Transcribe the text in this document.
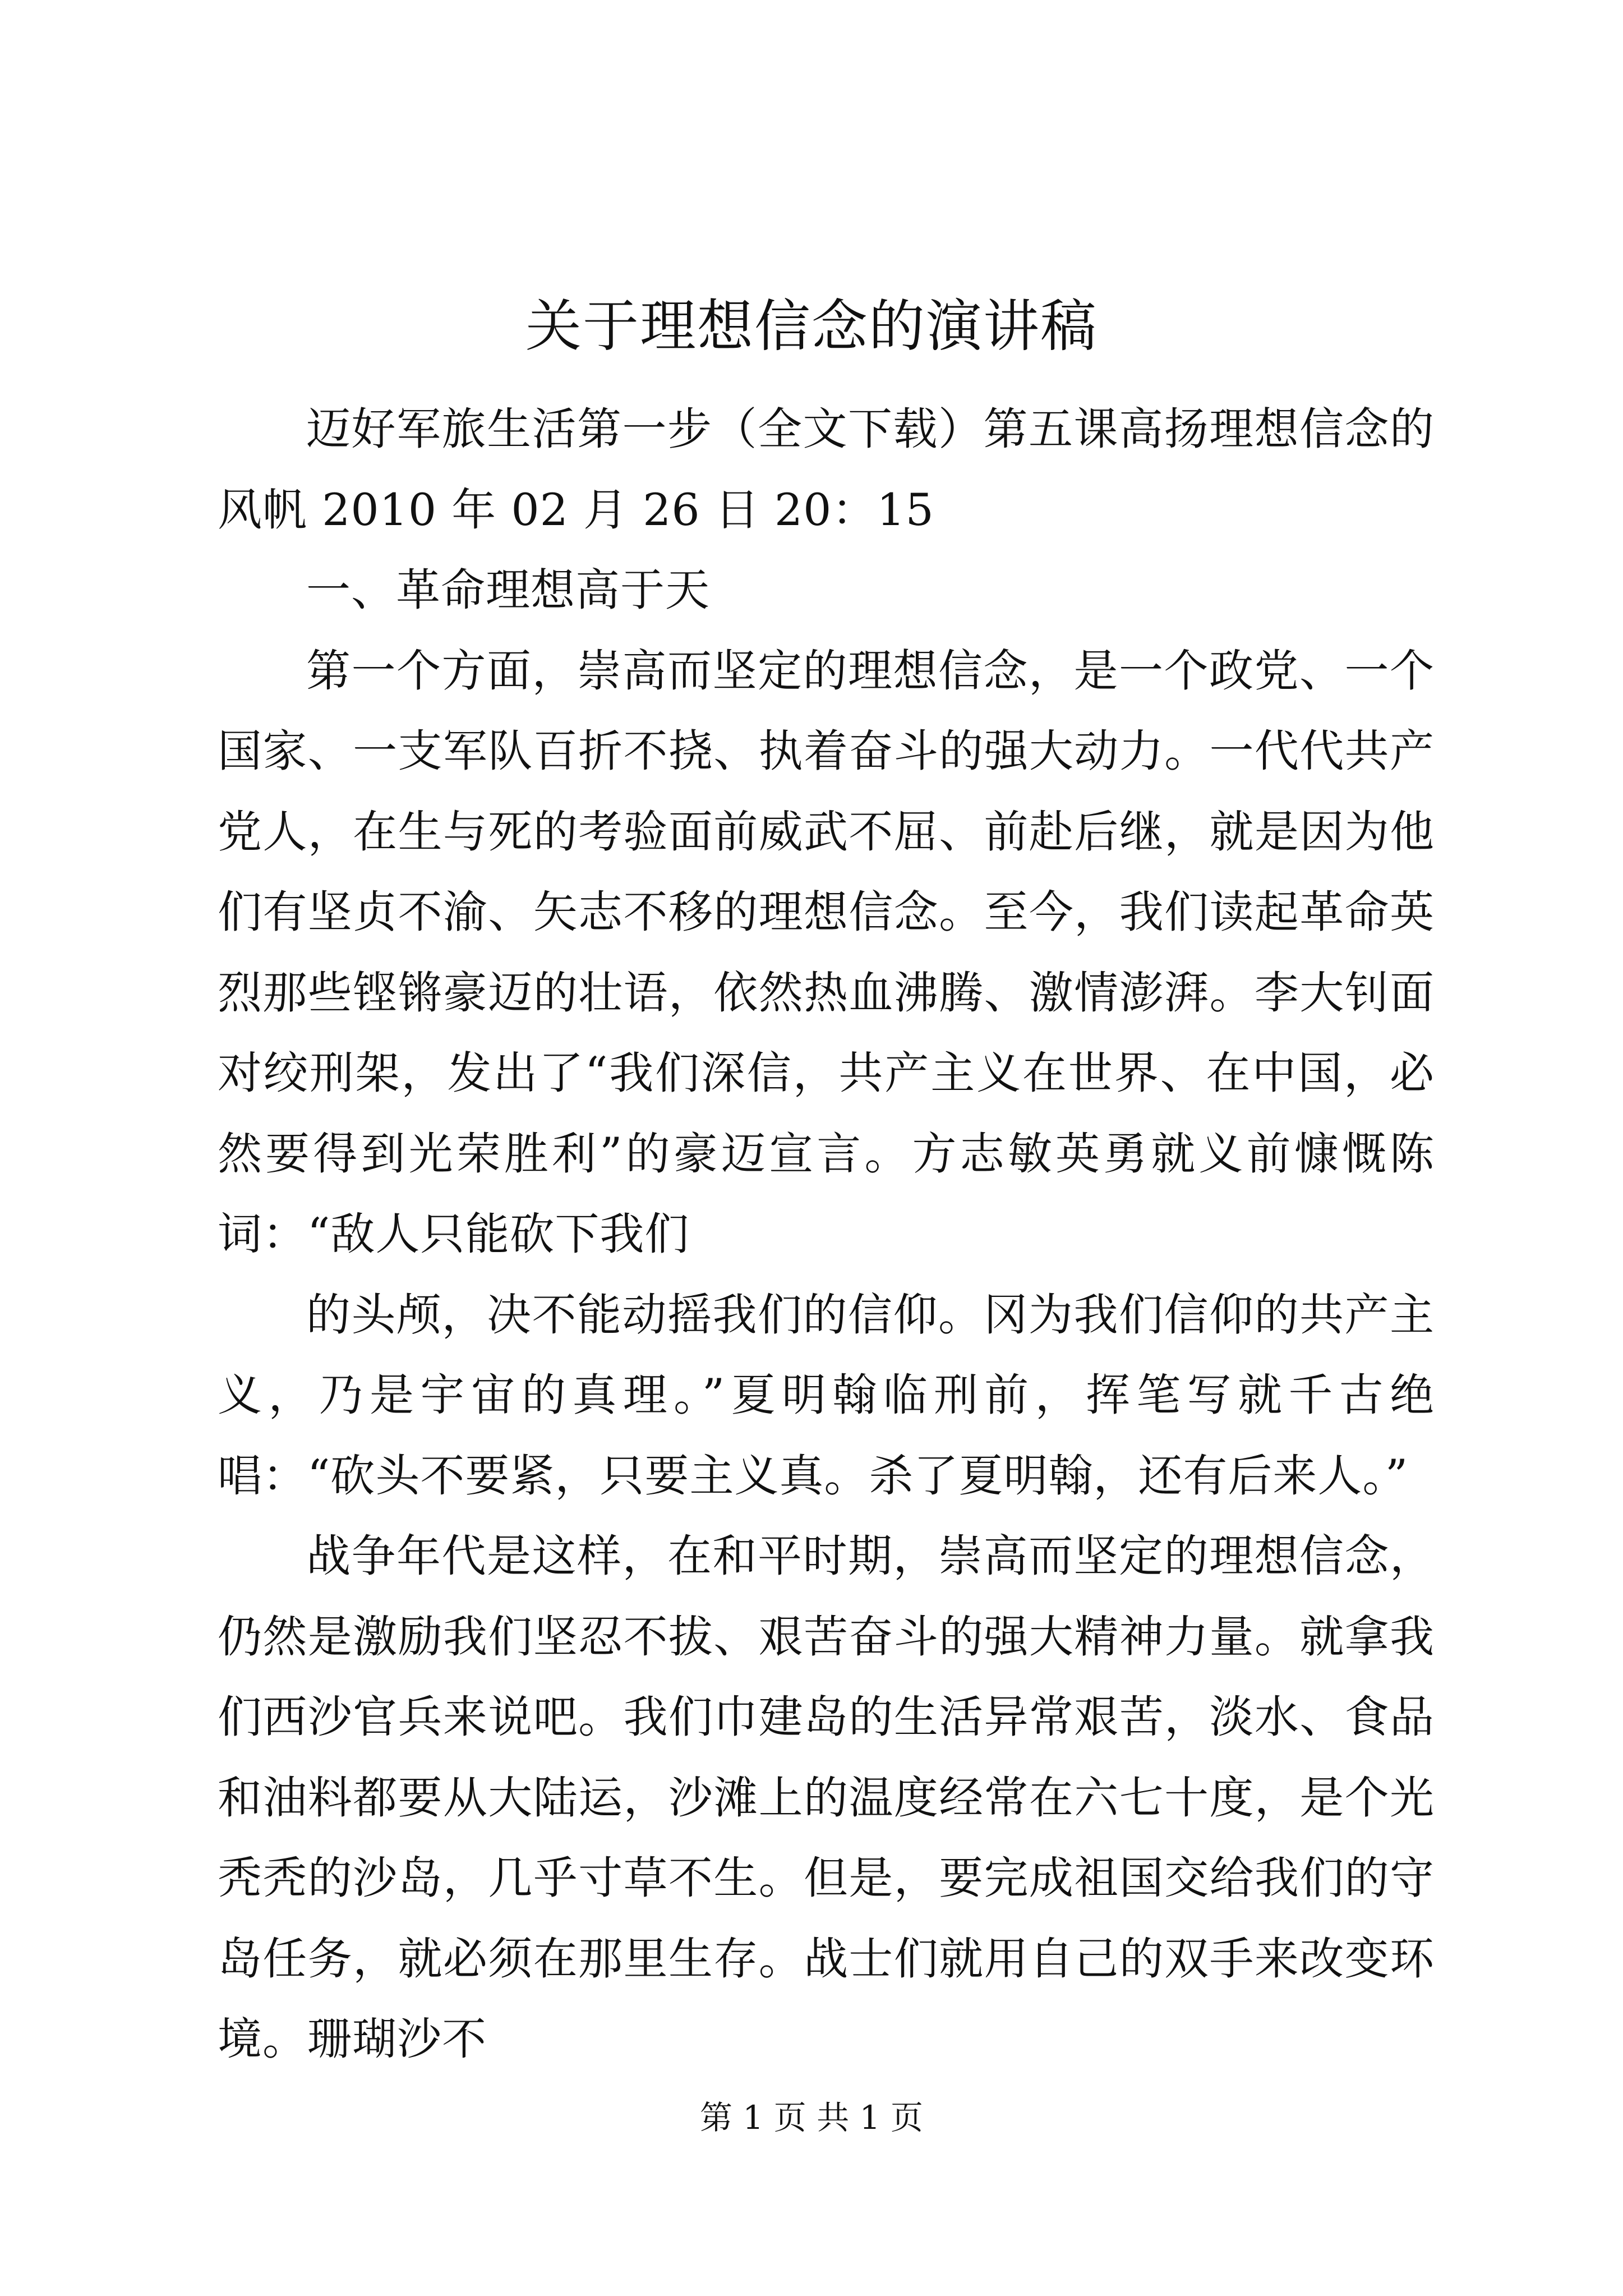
关于理想信念的演讲稿

迈好军旅生活第一步（全文下载）第五课高扬理想信念的风帆 2010 年 02 月 26 日 20：15

一、革命理想高于天

第一个方面，崇高而坚定的理想信念，是一个政党、一个国家、一支军队百折不挠、执着奋斗的强大动力。一代代共产党人，在生与死的考验面前威武不屈、前赴后继，就是因为他们有坚贞不渝、矢志不移的理想信念。至今，我们读起革命英烈那些铿锵豪迈的壮语，依然热血沸腾、激情澎湃。李大钊面对绞刑架，发出了“我们深信，共产主义在世界、在中国，必然要得到光荣胜利”的豪迈宣言。方志敏英勇就义前慷慨陈词：“敌人只能砍下我们

的头颅，决不能动摇我们的信仰。冈为我们信仰的共产主义，乃是宇宙的真理。”夏明翰临刑前，挥笔写就千古绝唱：“砍头不要紧，只要主义真。杀了夏明翰，还有后来人。”

战争年代是这样，在和平时期，崇高而坚定的理想信念，仍然是激励我们坚忍不拔、艰苦奋斗的强大精神力量。就拿我们西沙官兵来说吧。我们巾建岛的生活异常艰苦，淡水、食品和油料都要从大陆运，沙滩上的温度经常在六七十度，是个光秃秃的沙岛，几乎寸草不生。但是，要完成祖国交给我们的守岛任务，就必须在那里生存。战士们就用自己的双手来改变环境。珊瑚沙不

第 1 页 共 1 页
